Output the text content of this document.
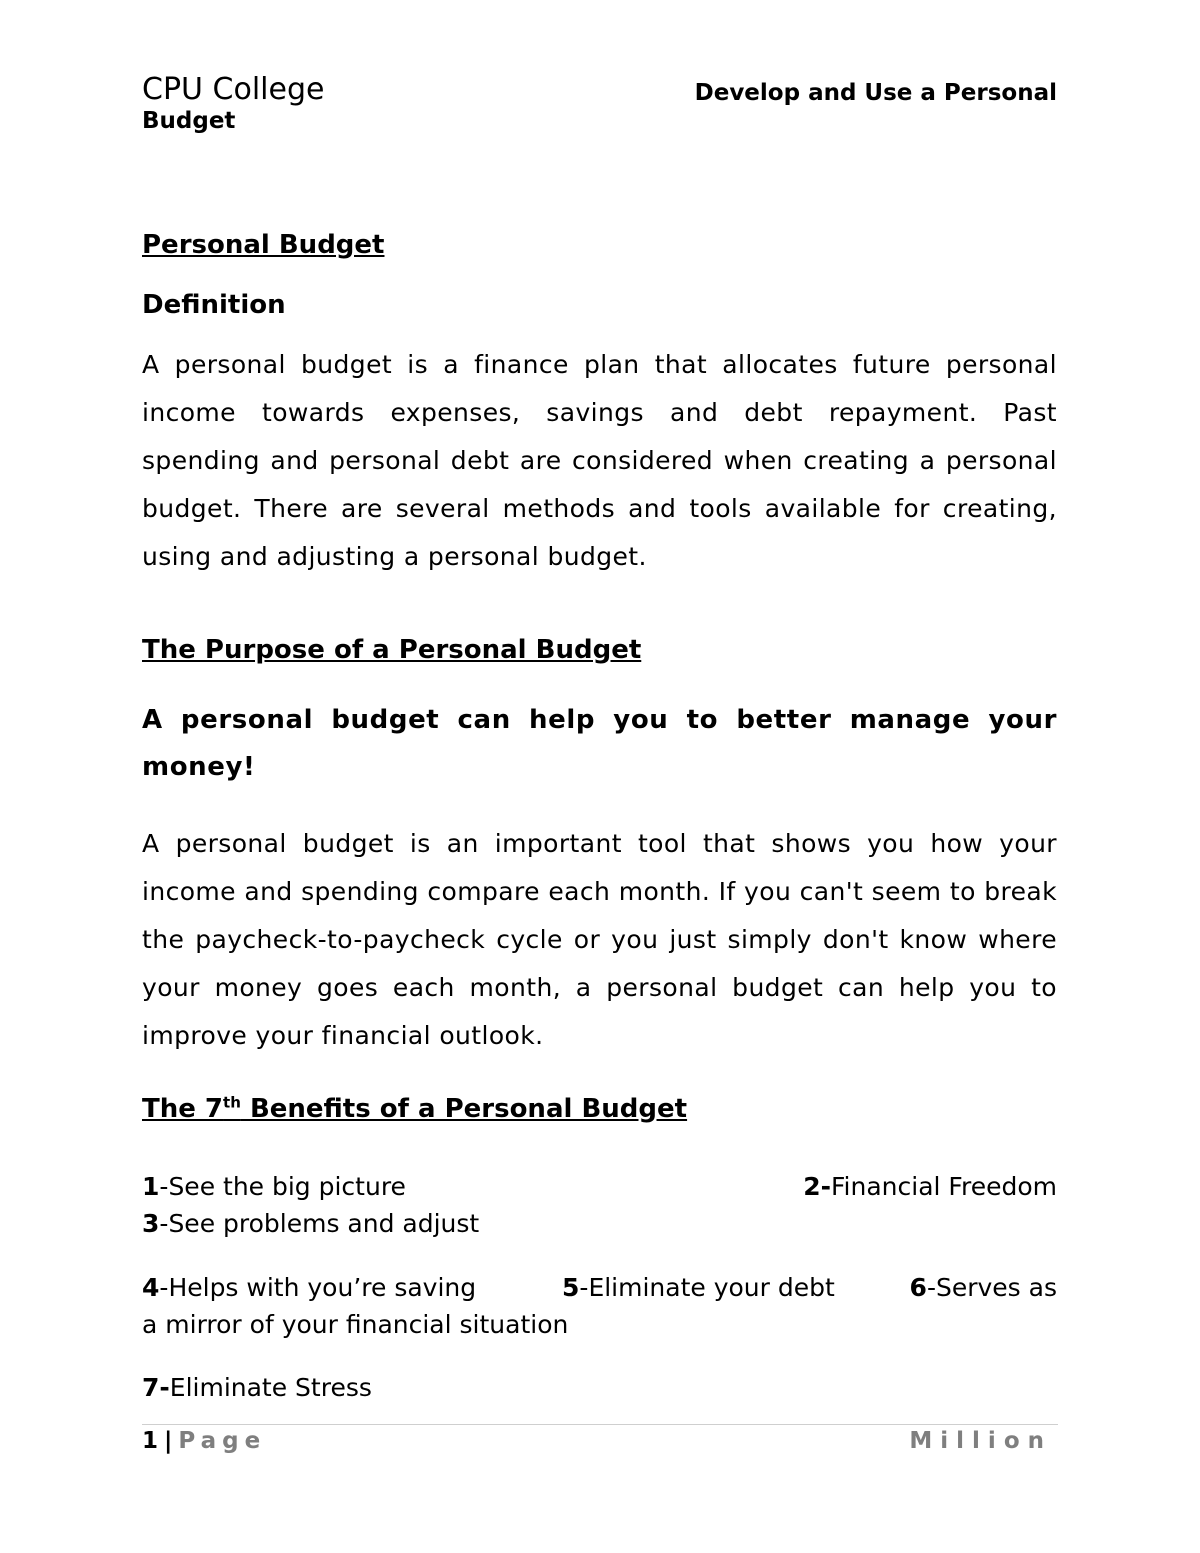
CPU College	Develop and Use a Personal
Budget
Personal Budget
Definition
A personal budget is a finance plan that allocates future personal income towards expenses, savings and debt repayment. Past spending and personal debt are considered when creating a personal budget. There are several methods and tools available for creating, using and adjusting a personal budget.
The Purpose of a Personal Budget
A personal budget can help you to better manage your money!
A personal budget is an important tool that shows you how your income and spending compare each month. If you can't seem to break the paycheck-to-paycheck cycle or you just simply don't know where your money goes each month, a personal budget can help you to improve your financial outlook.
The 7th Benefits of a Personal Budget
1-See the big picture	2-Financial Freedom
3-See problems and adjust
4-Helps with you’re saving	5-Eliminate your debt	6-Serves as
a mirror of your financial situation
7-Eliminate Stress
1 | Page	Million
